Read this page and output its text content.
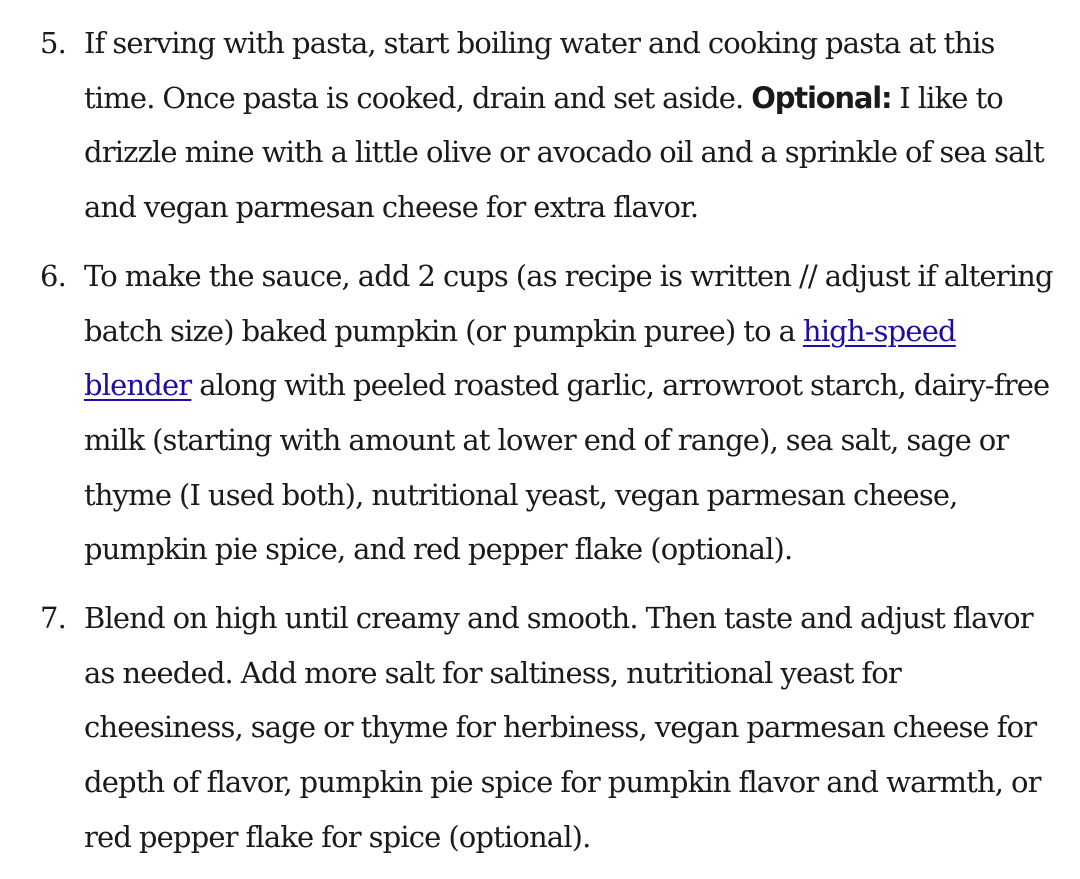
5. If serving with pasta, start boiling water and cooking pasta at this time. Once pasta is cooked, drain and set aside. Optional: I like to drizzle mine with a little olive or avocado oil and a sprinkle of sea salt and vegan parmesan cheese for extra flavor.
6. To make the sauce, add 2 cups (as recipe is written // adjust if altering batch size) baked pumpkin (or pumpkin puree) to a high-speed blender along with peeled roasted garlic, arrowroot starch, dairy-free milk (starting with amount at lower end of range), sea salt, sage or thyme (I used both), nutritional yeast, vegan parmesan cheese, pumpkin pie spice, and red pepper flake (optional).
7. Blend on high until creamy and smooth. Then taste and adjust flavor as needed. Add more salt for saltiness, nutritional yeast for cheesiness, sage or thyme for herbiness, vegan parmesan cheese for depth of flavor, pumpkin pie spice for pumpkin flavor and warmth, or red pepper flake for spice (optional).
